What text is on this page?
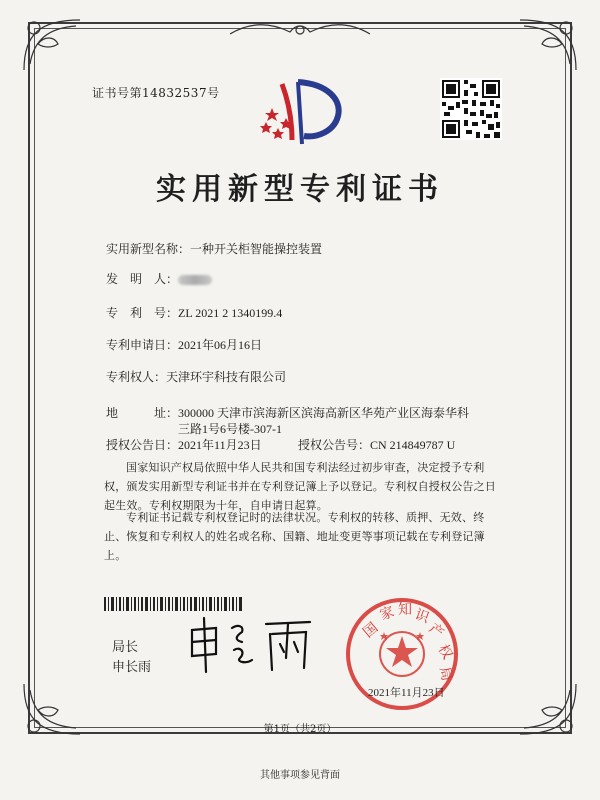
证书号第14832537号
实用新型专利证书
实用新型名称：一种开关柜智能操控装置
发　明　人：
专　利　号：ZL 2021 2 1340199.4
专利申请日：2021年06月16日
专利权人：天津环宇科技有限公司
地　　　址：300000 天津市滨海新区滨海高新区华苑产业区海泰华科
三路1号6号楼-307-1
授权公告日：2021年11月23日	授权公告号：CN 214849787 U
国家知识产权局依照中华人民共和国专利法经过初步审查，决定授予专利权，颁发实用新型专利证书并在专利登记簿上予以登记。专利权自授权公告之日起生效。专利权期限为十年，自申请日起算。
专利证书记载专利权登记时的法律状况。专利权的转移、质押、无效、终止、恢复和专利权人的姓名或名称、国籍、地址变更等事项记载在专利登记簿上。
局长
申长雨
国
家 知 识
产
权
局
2021年11月23日
第1页（共2页）
其他事项参见背面
